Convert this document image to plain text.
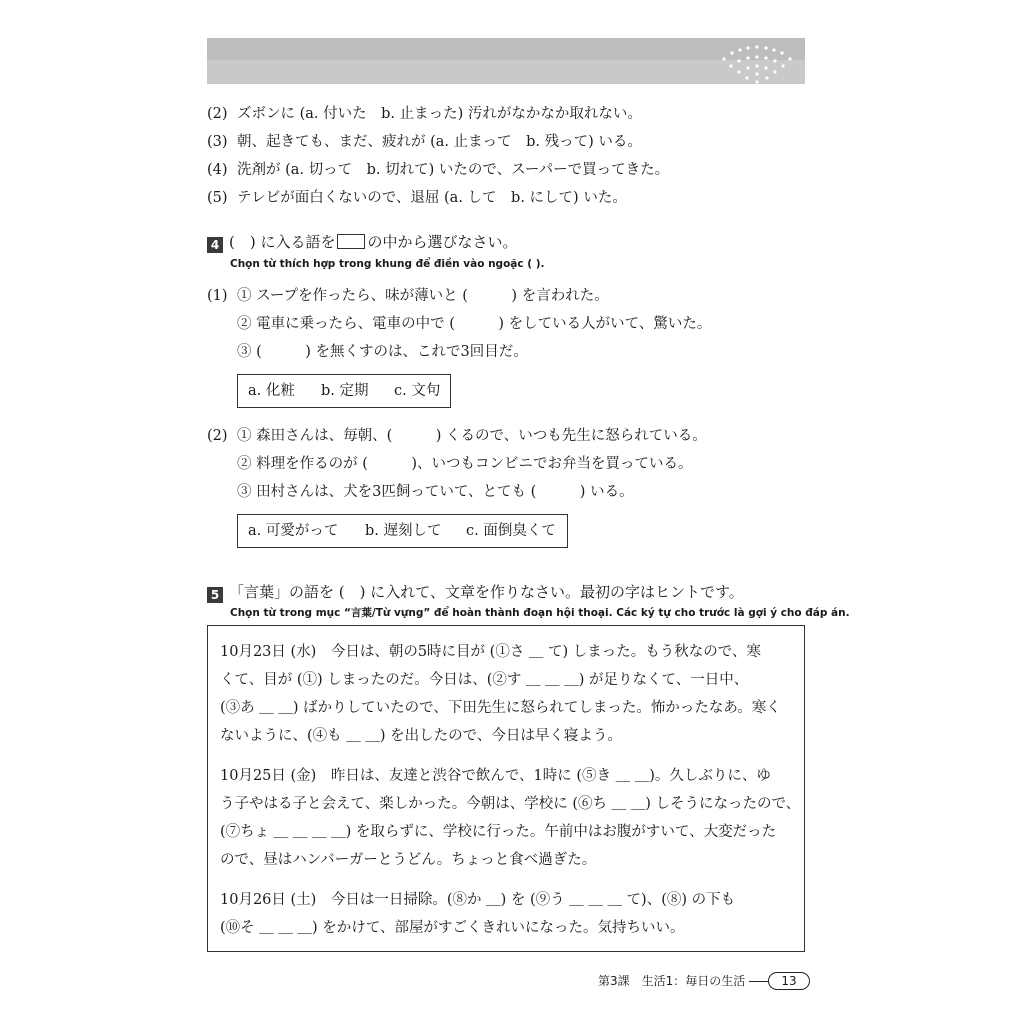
(2) ズボンに (a. 付いた　b. 止まった) 汚れがなかなか取れない。
(3) 朝、起きても、まだ、疲れが (a. 止まって　b. 残って) いる。
(4) 洗剤が (a. 切って　b. 切れて) いたので、スーパーで買ってきた。
(5) テレビが面白くないので、退屈 (a. して　b. にして) いた。
4 (　) に入る語を の中から選びなさい。
Chọn từ thích hợp trong khung để điền vào ngoặc ( ).
(1) ① スープを作ったら、味が薄いと (　　　) を言われた。
② 電車に乗ったら、電車の中で (　　　) をしている人がいて、驚いた。
③ (　　　) を無くすのは、これで3回目だ。
a. 化粧 b. 定期 c. 文句
(2) ① 森田さんは、毎朝、(　　　) くるので、いつも先生に怒られている。
② 料理を作るのが (　　　)、いつもコンビニでお弁当を買っている。
③ 田村さんは、犬を3匹飼っていて、とても (　　　) いる。
a. 可愛がって b. 遅刻して c. 面倒臭くて
5 「言葉」の語を (　) に入れて、文章を作りなさい。最初の字はヒントです。
Chọn từ trong mục “言葉/Từ vựng” để hoàn thành đoạn hội thoại. Các ký tự cho trước là gợi ý cho đáp án.
10月23日 (水)　今日は、朝の5時に目が (①さ ＿ て) しまった。もう秋なので、寒
くて、目が (①) しまったのだ。今日は、(②す ＿ ＿ ＿) が足りなくて、一日中、
(③あ ＿ ＿) ばかりしていたので、下田先生に怒られてしまった。怖かったなあ。寒く
ないように、(④も ＿ ＿) を出したので、今日は早く寝よう。
10月25日 (金)　昨日は、友達と渋谷で飲んで、1時に (⑤き ＿ ＿)。久しぶりに、ゆ
う子やはる子と会えて、楽しかった。今朝は、学校に (⑥ち ＿ ＿) しそうになったので、
(⑦ちょ ＿ ＿ ＿ ＿) を取らずに、学校に行った。午前中はお腹がすいて、大変だった
ので、昼はハンバーガーとうどん。ちょっと食べ過ぎた。
10月26日 (土)　今日は一日掃除。(⑧か ＿) を (⑨う ＿ ＿ ＿ て)、(⑧) の下も
(⑩そ ＿ ＿ ＿) をかけて、部屋がすごくきれいになった。気持ちいい。
第3課　生活1：毎日の生活	13
